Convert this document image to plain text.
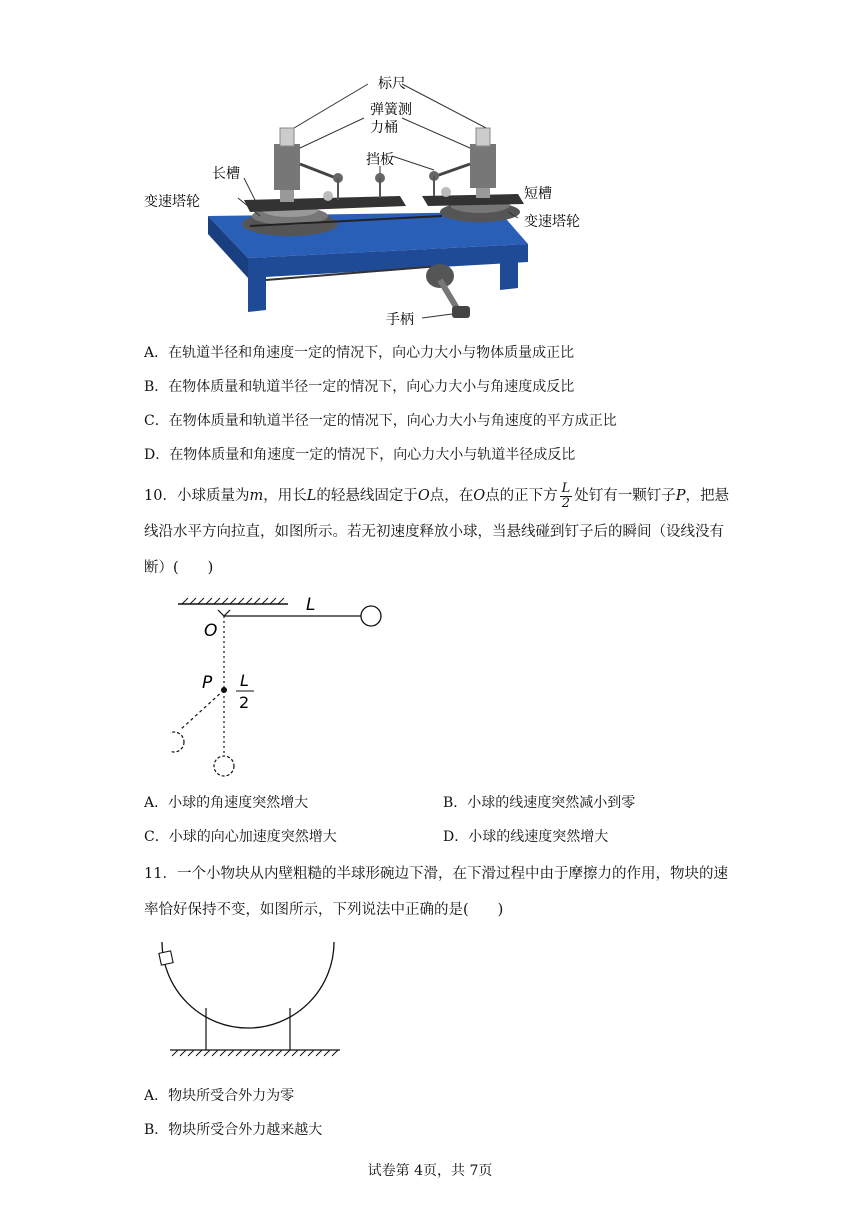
标尺
弹簧测
力桶
长槽
挡板
短槽
变速塔轮
变速塔轮
手柄
A．在轨道半径和角速度一定的情况下，向心力大小与物体质量成正比
B．在物体质量和轨道半径一定的情况下，向心力大小与角速度成反比
C．在物体质量和轨道半径一定的情况下，向心力大小与角速度的平方成正比
D．在物体质量和角速度一定的情况下，向心力大小与轨道半径成反比
10．小球质量为m，用长L的轻悬线固定于O点，在O点的正下方 $\frac{L}{2}$ 处钉有一颗钉子P，把悬线沿水平方向拉直，如图所示。若无初速度释放小球，当悬线碰到钉子后的瞬间（设线没有断）(　　)
L
O
P L
2
A．小球的角速度突然增大	B．小球的线速度突然减小到零
C．小球的向心加速度突然增大	D．小球的线速度突然增大
11．一个小物块从内壁粗糙的半球形碗边下滑，在下滑过程中由于摩擦力的作用，物块的速率恰好保持不变，如图所示，下列说法中正确的是(　　)
A．物块所受合外力为零
B．物块所受合外力越来越大
试卷第 4页，共 7页
